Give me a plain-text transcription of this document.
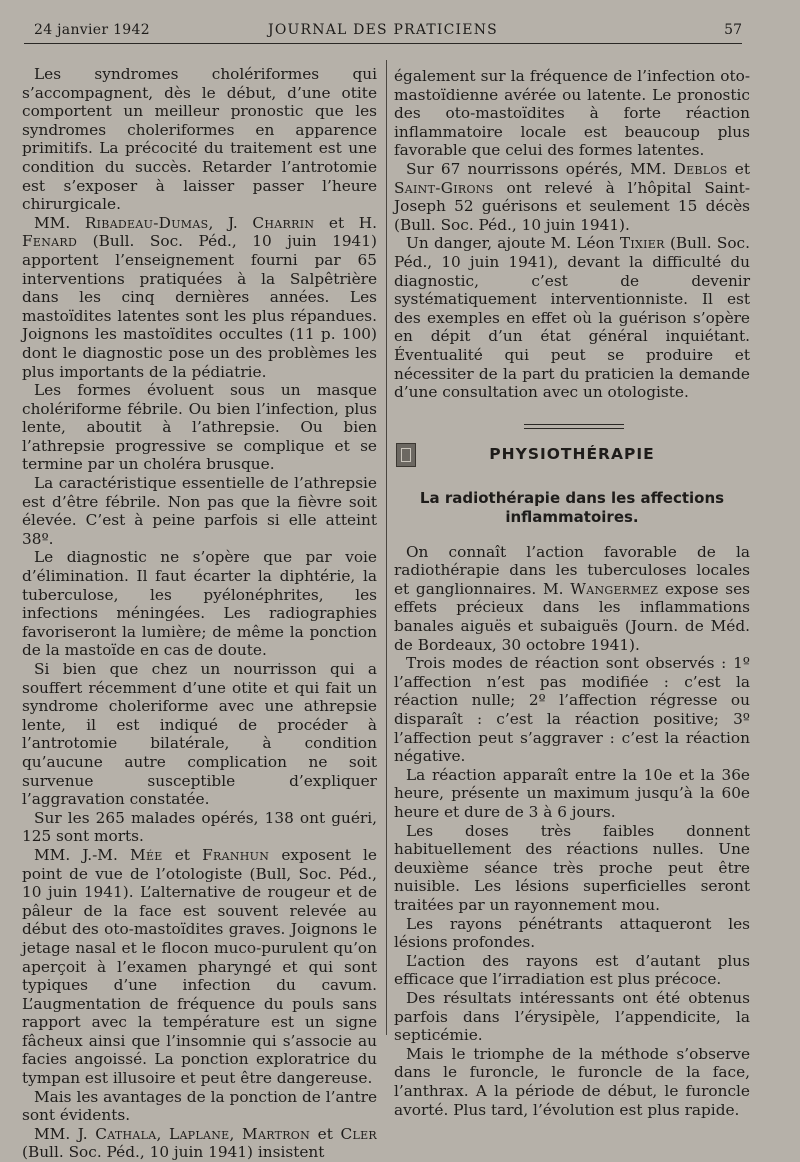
24 janvier 1942	JOURNAL DES PRATICIENS	57

Les syndromes cholériformes qui s’accompagnent, dès le début, d’une otite comportent un meilleur pronostic que les syndromes choleriformes en apparence primitifs. La précocité du traitement est une condition du succès. Retarder l’antrotomie est s’exposer à laisser passer l’heure chirurgicale.

MM. Ribadeau-Dumas, J. Charrin et H. Fenard (Bull. Soc. Péd., 10 juin 1941) apportent l’enseignement fourni par 65 interventions pratiquées à la Salpêtrière dans les cinq dernières années. Les mastoïdites latentes sont les plus répandues. Joignons les mastoïdites occultes (11 p. 100) dont le diagnostic pose un des problèmes les plus importants de la pédiatrie.

Les formes évoluent sous un masque cholériforme fébrile. Ou bien l’infection, plus lente, aboutit à l’athrepsie. Ou bien l’athrepsie progressive se complique et se termine par un choléra brusque.

La caractéristique essentielle de l’athrepsie est d’être fébrile. Non pas que la fièvre soit élevée. C’est à peine parfois si elle atteint 38º.

Le diagnostic ne s’opère que par voie d’élimination. Il faut écarter la diphtérie, la tuberculose, les pyélonéphrites, les infections méningées. Les radiographies favoriseront la lumière; de même la ponction de la mastoïde en cas de doute.

Si bien que chez un nourrisson qui a souffert récemment d’une otite et qui fait un syndrome choleriforme avec une athrepsie lente, il est indiqué de procéder à l’antrotomie bilatérale, à condition qu’aucune autre complication ne soit survenue susceptible d’expliquer l’aggravation constatée.

Sur les 265 malades opérés, 138 ont guéri, 125 sont morts.

MM. J.-M. Mée et Franhun exposent le point de vue de l’otologiste (Bull, Soc. Péd., 10 juin 1941). L’alternative de rougeur et de pâleur de la face est souvent relevée au début des oto-mastoïdites graves. Joignons le jetage nasal et le flocon muco-purulent qu’on aperçoit à l’examen pharyngé et qui sont typiques d’une infection du cavum. L’augmentation de fréquence du pouls sans rapport avec la température est un signe fâcheux ainsi que l’insomnie qui s’associe au facies angoissé. La ponction exploratrice du tympan est illusoire et peut être dangereuse.

Mais les avantages de la ponction de l’antre sont évidents.

MM. J. Cathala, Laplane, Martron et Cler (Bull. Soc. Péd., 10 juin 1941) insistent

également sur la fréquence de l’infection oto-mastoïdienne avérée ou latente. Le pronostic des oto-mastoïdites à forte réaction inflammatoire locale est beaucoup plus favorable que celui des formes latentes.

Sur 67 nourrissons opérés, MM. Deblos et Saint-Girons ont relevé à l’hôpital Saint-Joseph 52 guérisons et seulement 15 décès (Bull. Soc. Péd., 10 juin 1941).

Un danger, ajoute M. Léon Tixier (Bull. Soc. Péd., 10 juin 1941), devant la difficulté du diagnostic, c’est de devenir systématiquement interventionniste. Il est des exemples en effet où la guérison s’opère en dépit d’un état général inquiétant. Éventualité qui peut se produire et nécessiter de la part du praticien la demande d’une consultation avec un otologiste.

PHYSIOTHÉRAPIE
La radiothérapie dans les affections inflammatoires.

On connaît l’action favorable de la radiothérapie dans les tuberculoses locales et ganglionnaires. M. Wangermez expose ses effets précieux dans les inflammations banales aiguës et subaiguës (Journ. de Méd. de Bordeaux, 30 octobre 1941).

Trois modes de réaction sont observés : 1º l’affection n’est pas modifiée : c’est la réaction nulle; 2º l’affection régresse ou disparaît : c’est la réaction positive; 3º l’affection peut s’aggraver : c’est la réaction négative.

La réaction apparaît entre la 10e et la 36e heure, présente un maximum jusqu’à la 60e heure et dure de 3 à 6 jours.

Les doses très faibles donnent habituellement des réactions nulles. Une deuxième séance très proche peut être nuisible. Les lésions superficielles seront traitées par un rayonnement mou.

Les rayons pénétrants attaqueront les lésions profondes.

L’action des rayons est d’autant plus efficace que l’irradiation est plus précoce.

Des résultats intéressants ont été obtenus parfois dans l’érysipèle, l’appendicite, la septicémie.

Mais le triomphe de la méthode s’observe dans le furoncle, le furoncle de la face, l’anthrax. A la période de début, le furoncle avorté. Plus tard, l’évolution est plus rapide.
